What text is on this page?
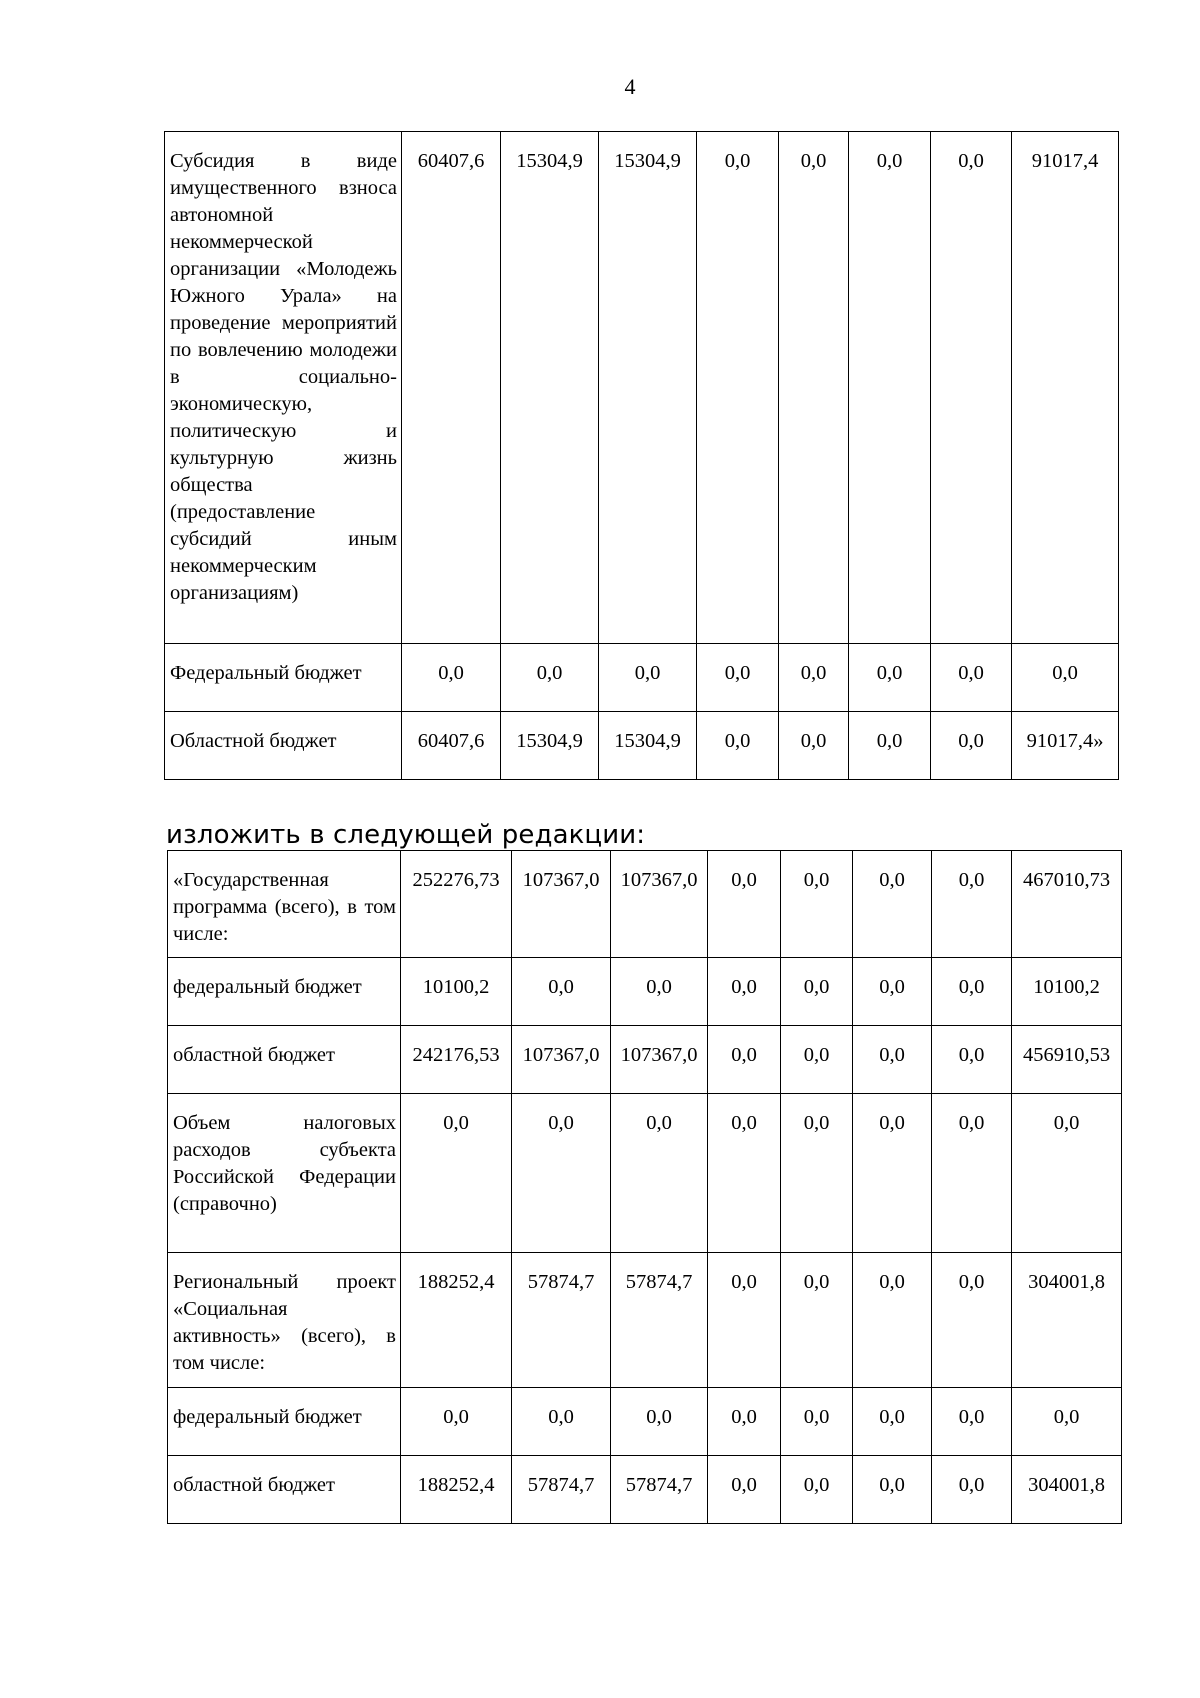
4
Субсидия в виде имущественного взноса автономной некоммерческой организации «Молодежь Южного Урала» на проведение мероприятий по вовлечению молодежи в социально-экономическую, политическую и культурную жизнь общества (предоставление субсидий иным некоммерческим организациям)	60407,6	15304,9	15304,9	0,0	0,0	0,0	0,0	91017,4
Федеральный бюджет	0,0	0,0	0,0	0,0	0,0	0,0	0,0	0,0
Областной бюджет	60407,6	15304,9	15304,9	0,0	0,0	0,0	0,0	91017,4»
изложить в следующей редакции:
«Государственная программа (всего), в том числе:	252276,73	107367,0	107367,0	0,0	0,0	0,0	0,0	467010,73
федеральный бюджет	10100,2	0,0	0,0	0,0	0,0	0,0	0,0	10100,2
областной бюджет	242176,53	107367,0	107367,0	0,0	0,0	0,0	0,0	456910,53
Объем налоговых расходов субъекта Российской Федерации (справочно)	0,0	0,0	0,0	0,0	0,0	0,0	0,0	0,0
Региональный проект «Социальная активность» (всего), в том числе:	188252,4	57874,7	57874,7	0,0	0,0	0,0	0,0	304001,8
федеральный бюджет	0,0	0,0	0,0	0,0	0,0	0,0	0,0	0,0
областной бюджет	188252,4	57874,7	57874,7	0,0	0,0	0,0	0,0	304001,8
